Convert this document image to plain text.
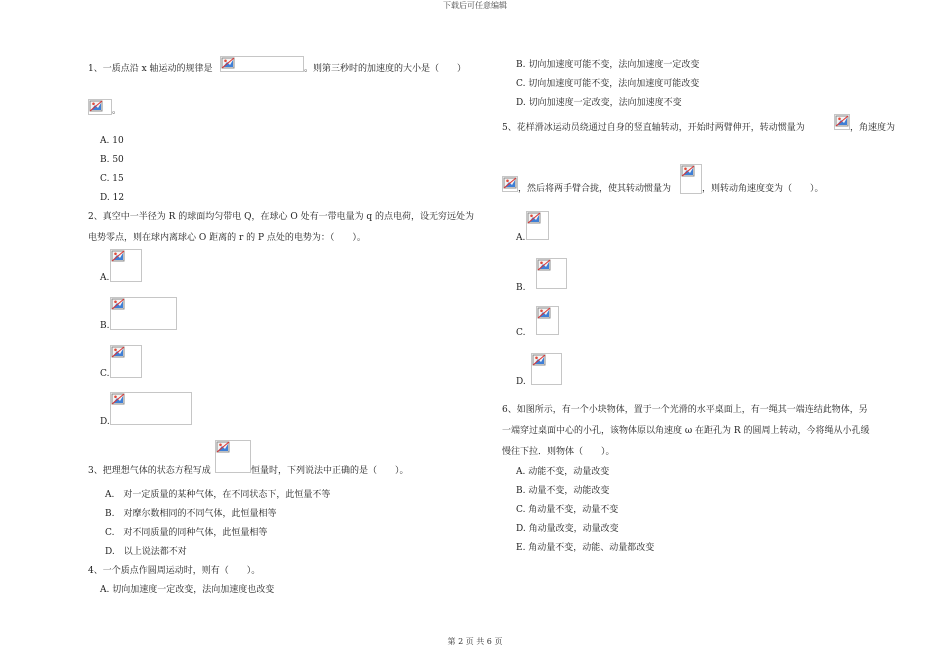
下载后可任意编辑
1、一质点沿 x 轴运动的规律是	。则第三秒时的加速度的大小是（　　）
。
A. 10
B. 50
C. 15
D. 12
2、真空中一半径为 R 的球面均匀带电 Q，在球心 O 处有一带电量为 q 的点电荷，设无穷远处为
电势零点，则在球内离球心 O 距离的 r 的 P 点处的电势为：（　　）。
A.
B.
C.
D.
3、把理想气体的状态方程写成	恒量时，下列说法中正确的是（　　）。
A.　对一定质量的某种气体，在不同状态下，此恒量不等
B.　对摩尔数相同的不同气体，此恒量相等
C.　对不同质量的同种气体，此恒量相等
D.　以上说法都不对
4、一个质点作圆周运动时，则有（　　）。
A. 切向加速度一定改变，法向加速度也改变
B. 切向加速度可能不变，法向加速度一定改变
C. 切向加速度可能不变，法向加速度可能改变
D. 切向加速度一定改变，法向加速度不变
5、花样滑冰运动员绕通过自身的竖直轴转动，开始时两臂伸开，转动惯量为	，角速度为
，然后将两手臂合拢，使其转动惯量为	，则转动角速度变为（　　）。
A.
B.
C.
D.
6、如图所示，有一个小块物体，置于一个光滑的水平桌面上，有一绳其一端连结此物体，另
一端穿过桌面中心的小孔，该物体原以角速度 ω 在距孔为 R 的圆周上转动，今将绳从小孔缓
慢往下拉．则物体（　　）。
A. 动能不变，动量改变
B. 动量不变，动能改变
C. 角动量不变，动量不变
D. 角动量改变，动量改变
E. 角动量不变，动能、动量都改变
第 2 页 共 6 页
